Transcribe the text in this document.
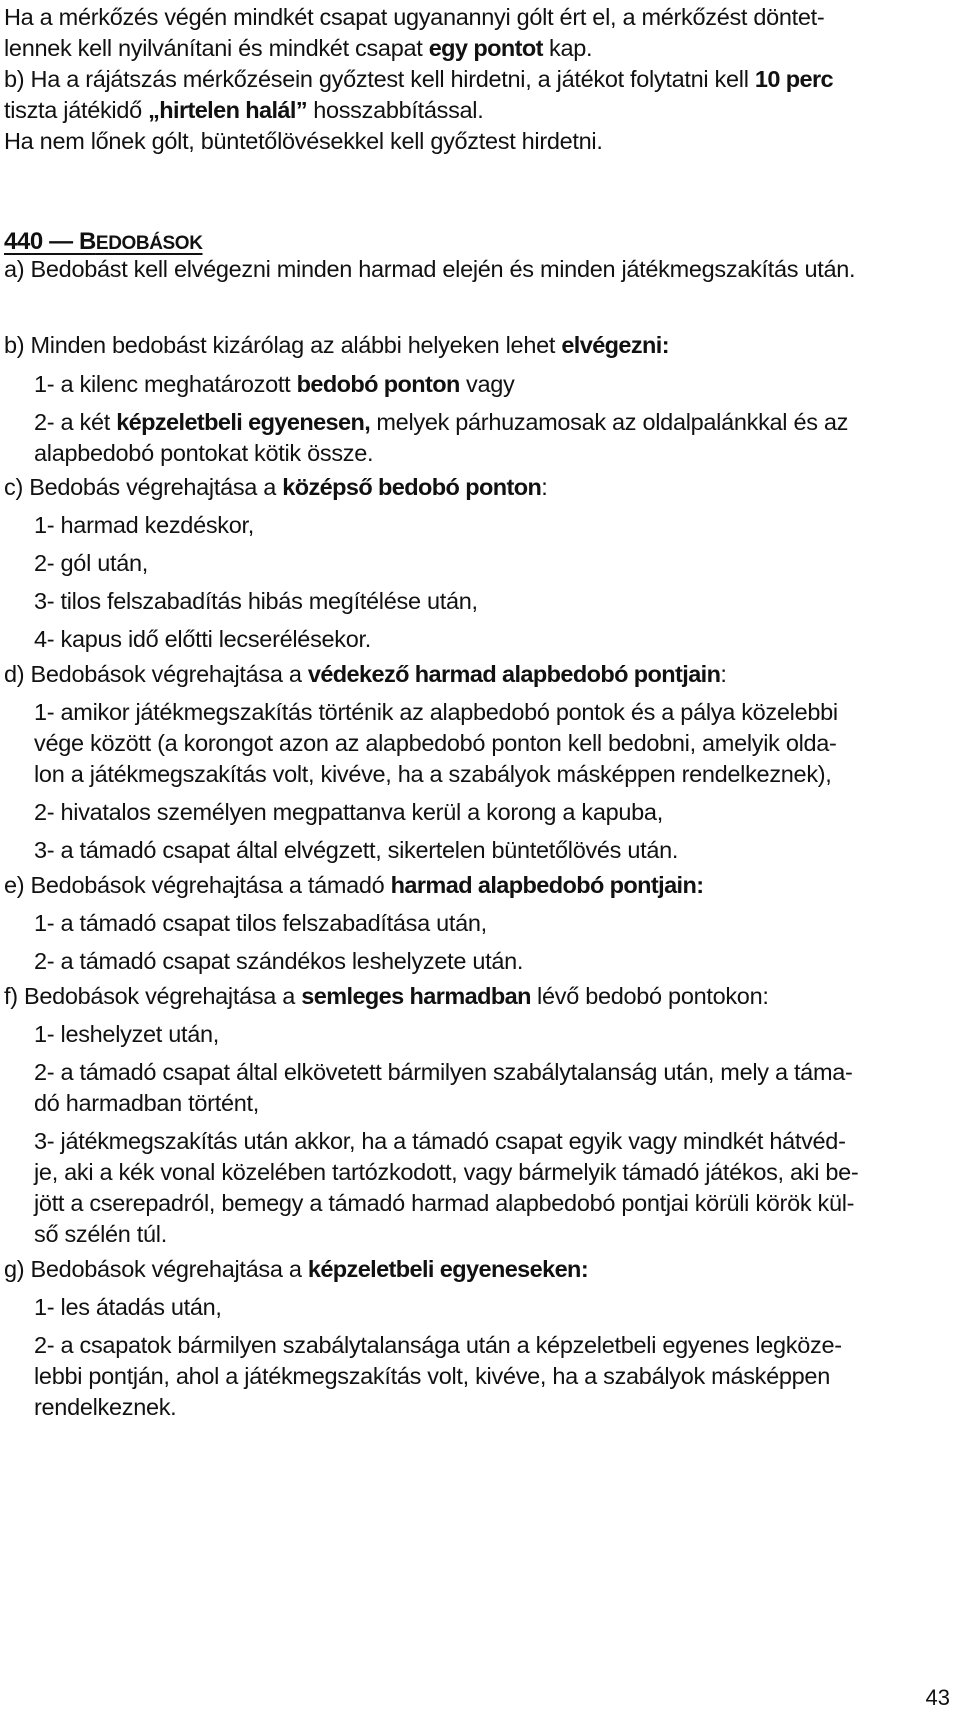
Ha a mérkőzés végén mindkét csapat ugyanannyi gólt ért el, a mérkőzést döntet-

lennek kell nyilvánítani és mindkét csapat egy pontot kap.

b) Ha a rájátszás mérkőzésein győztest kell hirdetni, a játékot folytatni kell 10 perc

tiszta játékidő „hirtelen halál” hosszabbítással.

Ha nem lőnek gólt, büntetőlövésekkel kell győztest hirdetni.

440 — BEDOBÁSOK

a) Bedobást kell elvégezni minden harmad elején és minden játékmegszakítás után.

b) Minden bedobást kizárólag az alábbi helyeken lehet elvégezni:

1- a kilenc meghatározott bedobó ponton vagy

2- a két képzeletbeli egyenesen, melyek párhuzamosak az oldalpalánkkal és az

alapbedobó pontokat kötik össze.

c) Bedobás végrehajtása a középső bedobó ponton:

1- harmad kezdéskor,

2- gól után,

3- tilos felszabadítás hibás megítélése után,

4- kapus idő előtti lecserélésekor.

d) Bedobások végrehajtása a védekező harmad alapbedobó pontjain:

1- amikor játékmegszakítás történik az alapbedobó pontok és a pálya közelebbi

vége között (a korongot azon az alapbedobó ponton kell bedobni, amelyik olda-

lon a játékmegszakítás volt, kivéve, ha a szabályok másképpen rendelkeznek),

2- hivatalos személyen megpattanva kerül a korong a kapuba,

3- a támadó csapat által elvégzett, sikertelen büntetőlövés után.

e) Bedobások végrehajtása a támadó harmad alapbedobó pontjain:

1- a támadó csapat tilos felszabadítása után,

2- a támadó csapat szándékos leshelyzete után.

f) Bedobások végrehajtása a semleges harmadban lévő bedobó pontokon:

1- leshelyzet után,

2- a támadó csapat által elkövetett bármilyen szabálytalanság után, mely a táma-

dó harmadban történt,

3- játékmegszakítás után akkor, ha a támadó csapat egyik vagy mindkét hátvéd-

je, aki a kék vonal közelében tartózkodott, vagy bármelyik támadó játékos, aki be-

jött a cserepadról, bemegy a támadó harmad alapbedobó pontjai körüli körök kül-

ső szélén túl.

g) Bedobások végrehajtása a képzeletbeli egyeneseken:

1- les átadás után,

2- a csapatok bármilyen szabálytalansága után a képzeletbeli egyenes legköze-

lebbi pontján, ahol a játékmegszakítás volt, kivéve, ha a szabályok másképpen

rendelkeznek.

43
